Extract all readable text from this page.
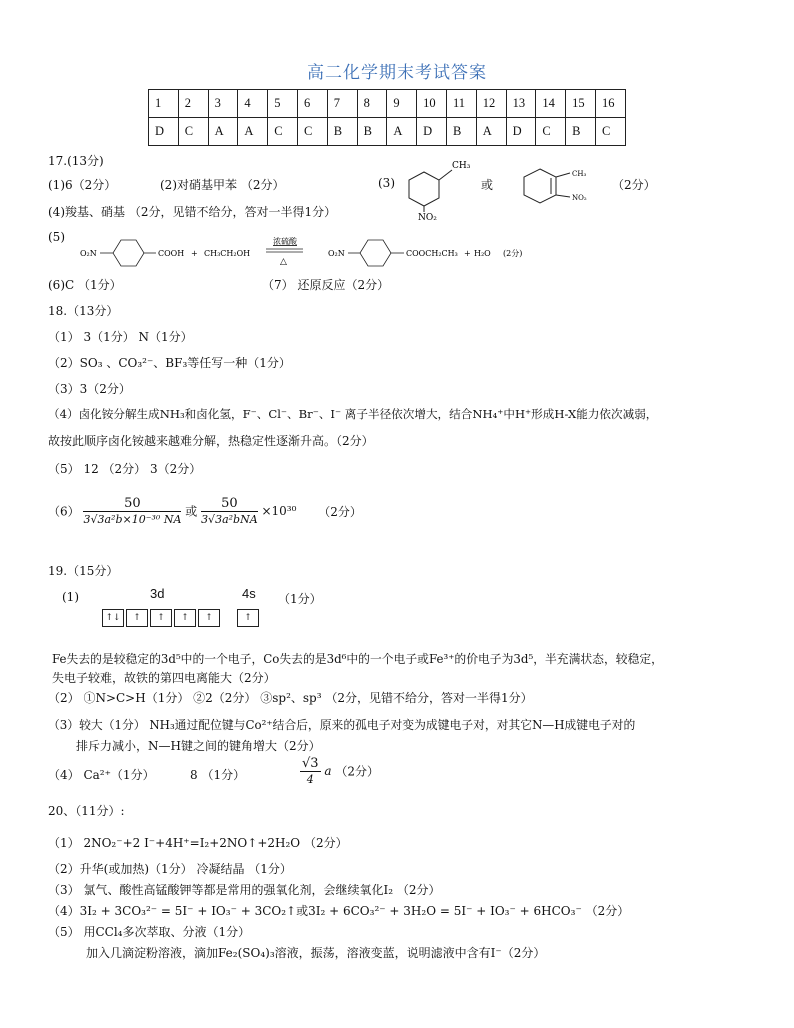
高二化学期末考试答案
1	2	3	4	5	6	7	8	9	10	11	12	13	14	15	16
D	C	A	A	C	C	B	B	A	D	B	A	D	C	B	C
17.(13分)
(1)6（2分）	(2)对硝基甲苯 （2分）	(3)
CH₃
NO₂
或
CH₃
NO₂
（2分）
(4)羧基、硝基 （2分，见错不给分，答对一半得1分）
(5)
O₂N	COOH + CH₃CH₂OH
浓硫酸
△
O₂N	COOCH₂CH₃ + H₂O (2分)
(6)C （1分）	（7） 还原反应（2分）
18.（13分）
（1） 3（1分） N（1分）
（2）SO₃ 、CO₃²⁻、BF₃等任写一种（1分）
（3）3（2分）
（4）卤化铵分解生成NH₃和卤化氢，F⁻、Cl⁻、Br⁻、I⁻ 离子半径依次增大，结合NH₄⁺中H⁺形成H-X能力依次减弱，
故按此顺序卤化铵越来越难分解，热稳定性逐渐升高。（2分）
（5） 12 （2分） 3（2分）
$(6) \frac{50}{\text{3√3a²b×10⁻³⁰ NA}}$ 或 $\frac{50}{\text{3√3a²bNA}} \times 10^{30}$ （2分）
19.（15分）
(1)	3d	4s （1分）
↑↓ ↑ ↑ ↑ ↑	↑
Fe失去的是较稳定的3d⁵中的一个电子，Co失去的是3d⁶中的一个电子或Fe³⁺的价电子为3d⁵，半充满状态，较稳定，
失电子较难，故铁的第四电离能大（2分）
（2） ①N>C>H（1分） ②2（2分） ③sp²、sp³ （2分，见错不给分，答对一半得1分）
（3）较大（1分） NH₃通过配位键与Co²⁺结合后，原来的孤电子对变为成键电子对，对其它N—H成键电子对的
排斥力减小，N—H键之间的键角增大（2分）
（4） Ca²⁺（1分）	8 （1分）	$\frac{√3}{4}$ a （2分）
20、（11分）:
（1） 2NO₂⁻+2 I⁻+4H⁺=I₂+2NO↑+2H₂O （2分）
（2）升华(或加热)（1分） 冷凝结晶 （1分）
（3） 氯气、酸性高锰酸钾等都是常用的强氧化剂，会继续氧化I₂ （2分）
（4）3I₂ + 3CO₃²⁻ = 5I⁻ + IO₃⁻ + 3CO₂↑或3I₂ + 6CO₃²⁻ + 3H₂O = 5I⁻ + IO₃⁻ + 6HCO₃⁻ （2分）
（5） 用CCl₄多次萃取、分液（1分）
加入几滴淀粉溶液，滴加Fe₂(SO₄)₃溶液，振荡，溶液变蓝，说明滤液中含有I⁻（2分）
